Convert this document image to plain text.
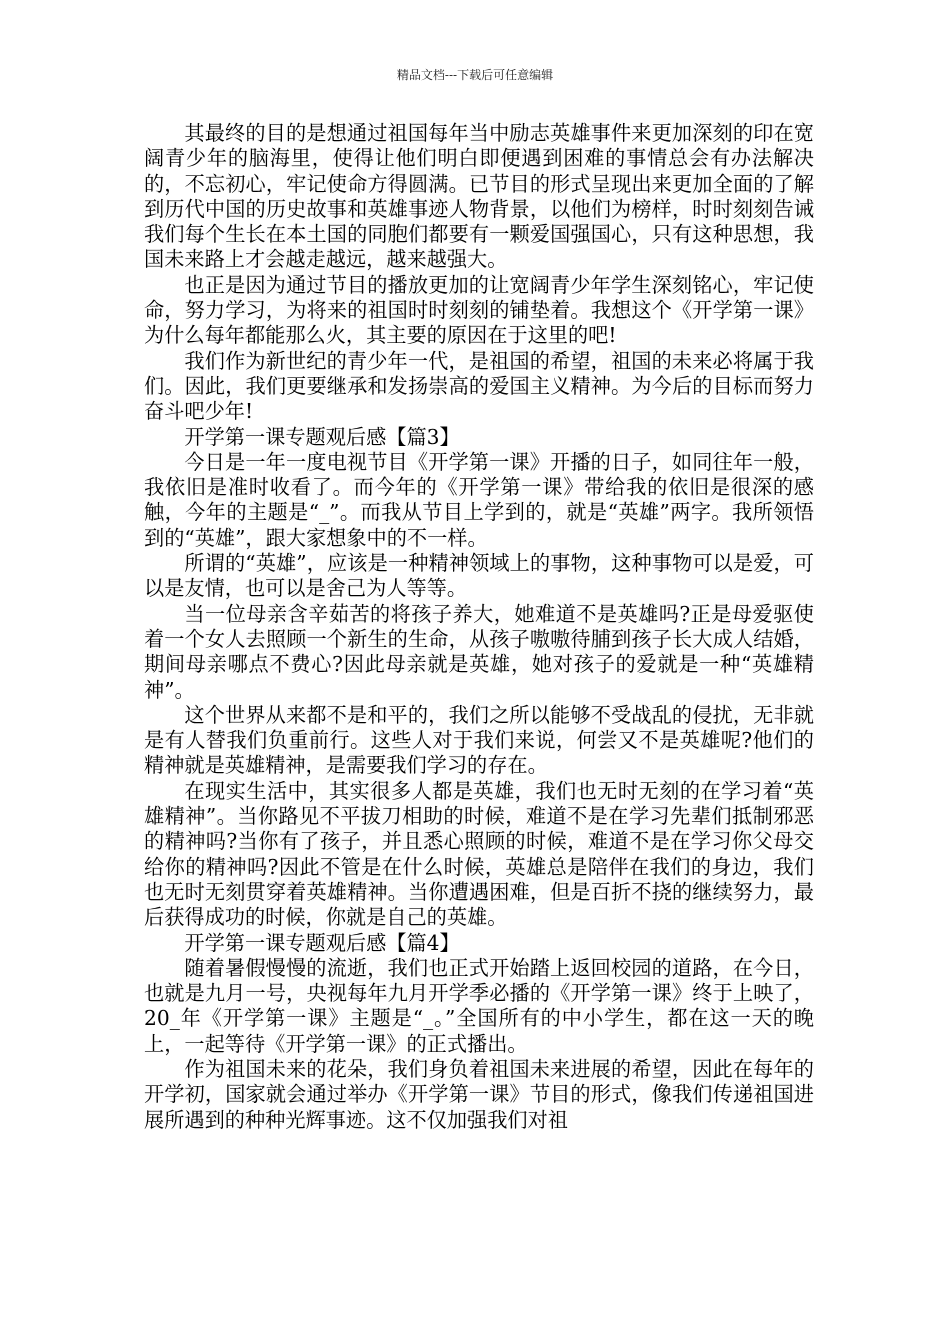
精品文档---下载后可任意编辑

其最终的目的是想通过祖国每年当中励志英雄事件来更加深刻的印在宽阔青少年的脑海里，使得让他们明白即便遇到困难的事情总会有办法解决的，不忘初心，牢记使命方得圆满。已节目的形式呈现出来更加全面的了解到历代中国的历史故事和英雄事迹人物背景，以他们为榜样，时时刻刻告诫我们每个生长在本土国的同胞们都要有一颗爱国强国心，只有这种思想，我国未来路上才会越走越远，越来越强大。

也正是因为通过节目的播放更加的让宽阔青少年学生深刻铭心，牢记使命，努力学习，为将来的祖国时时刻刻的铺垫着。我想这个《开学第一课》为什么每年都能那么火，其主要的原因在于这里的吧!

我们作为新世纪的青少年一代，是祖国的希望，祖国的未来必将属于我们。因此，我们更要继承和发扬崇高的爱国主义精神。为今后的目标而努力奋斗吧少年!

开学第一课专题观后感【篇3】

今日是一年一度电视节目《开学第一课》开播的日子，如同往年一般，我依旧是准时收看了。而今年的《开学第一课》带给我的依旧是很深的感触，今年的主题是“_”。而我从节目上学到的，就是“英雄”两字。我所领悟到的“英雄”，跟大家想象中的不一样。

所谓的“英雄”，应该是一种精神领域上的事物，这种事物可以是爱，可以是友情，也可以是舍己为人等等。

当一位母亲含辛茹苦的将孩子养大，她难道不是英雄吗?正是母爱驱使着一个女人去照顾一个新生的生命，从孩子嗷嗷待脯到孩子长大成人结婚，期间母亲哪点不费心?因此母亲就是英雄，她对孩子的爱就是一种“英雄精神”。

这个世界从来都不是和平的，我们之所以能够不受战乱的侵扰，无非就是有人替我们负重前行。这些人对于我们来说，何尝又不是英雄呢?他们的精神就是英雄精神，是需要我们学习的存在。

在现实生活中，其实很多人都是英雄，我们也无时无刻的在学习着“英雄精神”。当你路见不平拔刀相助的时候，难道不是在学习先辈们抵制邪恶的精神吗?当你有了孩子，并且悉心照顾的时候，难道不是在学习你父母交给你的精神吗?因此不管是在什么时候，英雄总是陪伴在我们的身边，我们也无时无刻贯穿着英雄精神。当你遭遇困难，但是百折不挠的继续努力，最后获得成功的时候，你就是自己的英雄。

开学第一课专题观后感【篇4】

随着暑假慢慢的流逝，我们也正式开始踏上返回校园的道路，在今日，也就是九月一号，央视每年九月开学季必播的《开学第一课》终于上映了，20_年《开学第一课》主题是“_。”全国所有的中小学生，都在这一天的晚上，一起等待《开学第一课》的正式播出。

作为祖国未来的花朵，我们身负着祖国未来进展的希望，因此在每年的开学初，国家就会通过举办《开学第一课》节目的形式，像我们传递祖国进展所遇到的种种光辉事迹。这不仅加强我们对祖
